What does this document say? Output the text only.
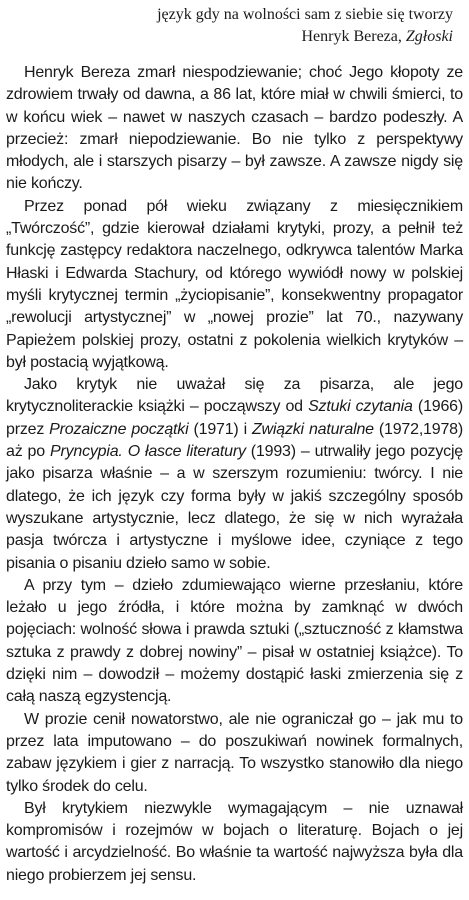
język gdy na wolności sam z siebie się tworzy
Henryk Bereza, Zgłoski

Henryk Bereza zmarł niespodziewanie; choć Jego kłopoty ze zdrowiem trwały od dawna, a 86 lat, które miał w chwili śmierci, to w końcu wiek – nawet w naszych czasach – bardzo podeszły. A przecież: zmarł niepodziewanie. Bo nie tylko z perspektywy młodych, ale i starszych pisarzy – był zawsze. A zawsze nigdy się nie kończy.

Przez ponad pół wieku związany z miesięcznikiem „Twórczość”, gdzie kierował działami krytyki, prozy, a pełnił też funkcję zastępcy redaktora naczelnego, odkrywca talentów Marka Hłaski i Edwarda Stachury, od którego wywiódł nowy w polskiej myśli krytycznej termin „życiopisanie”, konsekwentny propagator „rewolucji artystycznej” w „nowej prozie” lat 70., nazywany Papieżem polskiej prozy, ostatni z pokolenia wielkich krytyków – był postacią wyjątkową.

Jako krytyk nie uważał się za pisarza, ale jego krytycznoliterackie książki – począwszy od Sztuki czytania (1966) przez Prozaiczne początki (1971) i Związki naturalne (1972,1978) aż po Pryncypia. O łasce literatury (1993) – utrwaliły jego pozycję jako pisarza właśnie – a w szerszym rozumieniu: twórcy. I nie dlatego, że ich język czy forma były w jakiś szczególny sposób wyszukane artystycznie, lecz dlatego, że się w nich wyrażała pasja twórcza i artystyczne i myślowe idee, czyniące z tego pisania o pisaniu dzieło samo w sobie.

A przy tym – dzieło zdumiewająco wierne przesłaniu, które leżało u jego źródła, i które można by zamknąć w dwóch pojęciach: wolność słowa i prawda sztuki („sztuczność z kłamstwa sztuka z prawdy z dobrej nowiny” – pisał w ostatniej książce). To dzięki nim – dowodził – możemy dostąpić łaski zmierzenia się z całą naszą egzystencją.

W prozie cenił nowatorstwo, ale nie ograniczał go – jak mu to przez lata imputowano – do poszukiwań nowinek formalnych, zabaw językiem i gier z narracją. To wszystko stanowiło dla niego tylko środek do celu.

Był krytykiem niezwykle wymagającym – nie uznawał kompromisów i rozejmów w bojach o literaturę. Bojach o jej wartość i arcydzielność. Bo właśnie ta wartość najwyższa była dla niego probierzem jej sensu.
